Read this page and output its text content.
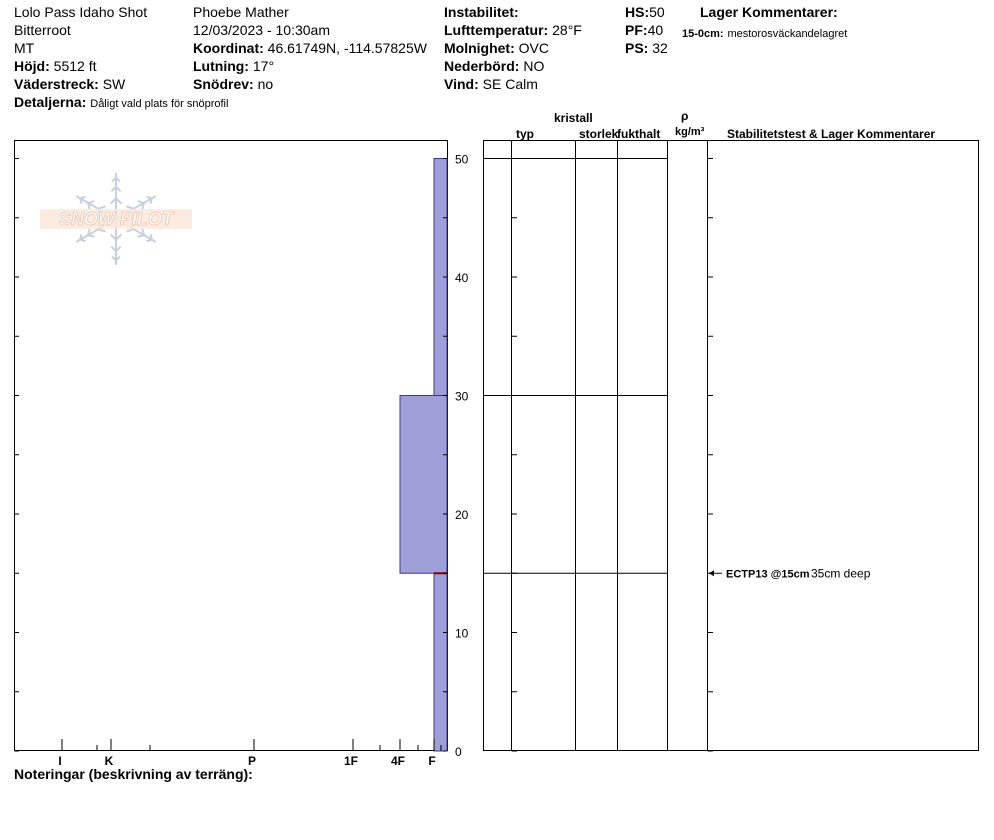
Lolo Pass Idaho Shot
Bitterroot
MT
Höjd: 5512 ft
Väderstreck: SW
Detaljerna: Dåligt vald plats för snöprofil
Phoebe Mather
12/03/2023 - 10:30am
Koordinat: 46.61749N, -114.57825W
Lutning: 17°
Snödrev: no
Instabilitet:
Lufttemperatur: 28°F
Molnighet: OVC
Nederbörd: NO
Vind: SE Calm
HS:50
PF:40
PS: 32
Lager Kommentarer:
15-0cm: mestorosväckandelagret
kristall
typ	storlek
fukthalt
ρ
kg/m³ Stabilitetstest & Lager Kommentarer
Noteringar (beskrivning av terräng):
SNOW PILOT
0
10
20
30
40
50
I	K	P	1F	4F F
ECTP13 @15cm 35cm deep
